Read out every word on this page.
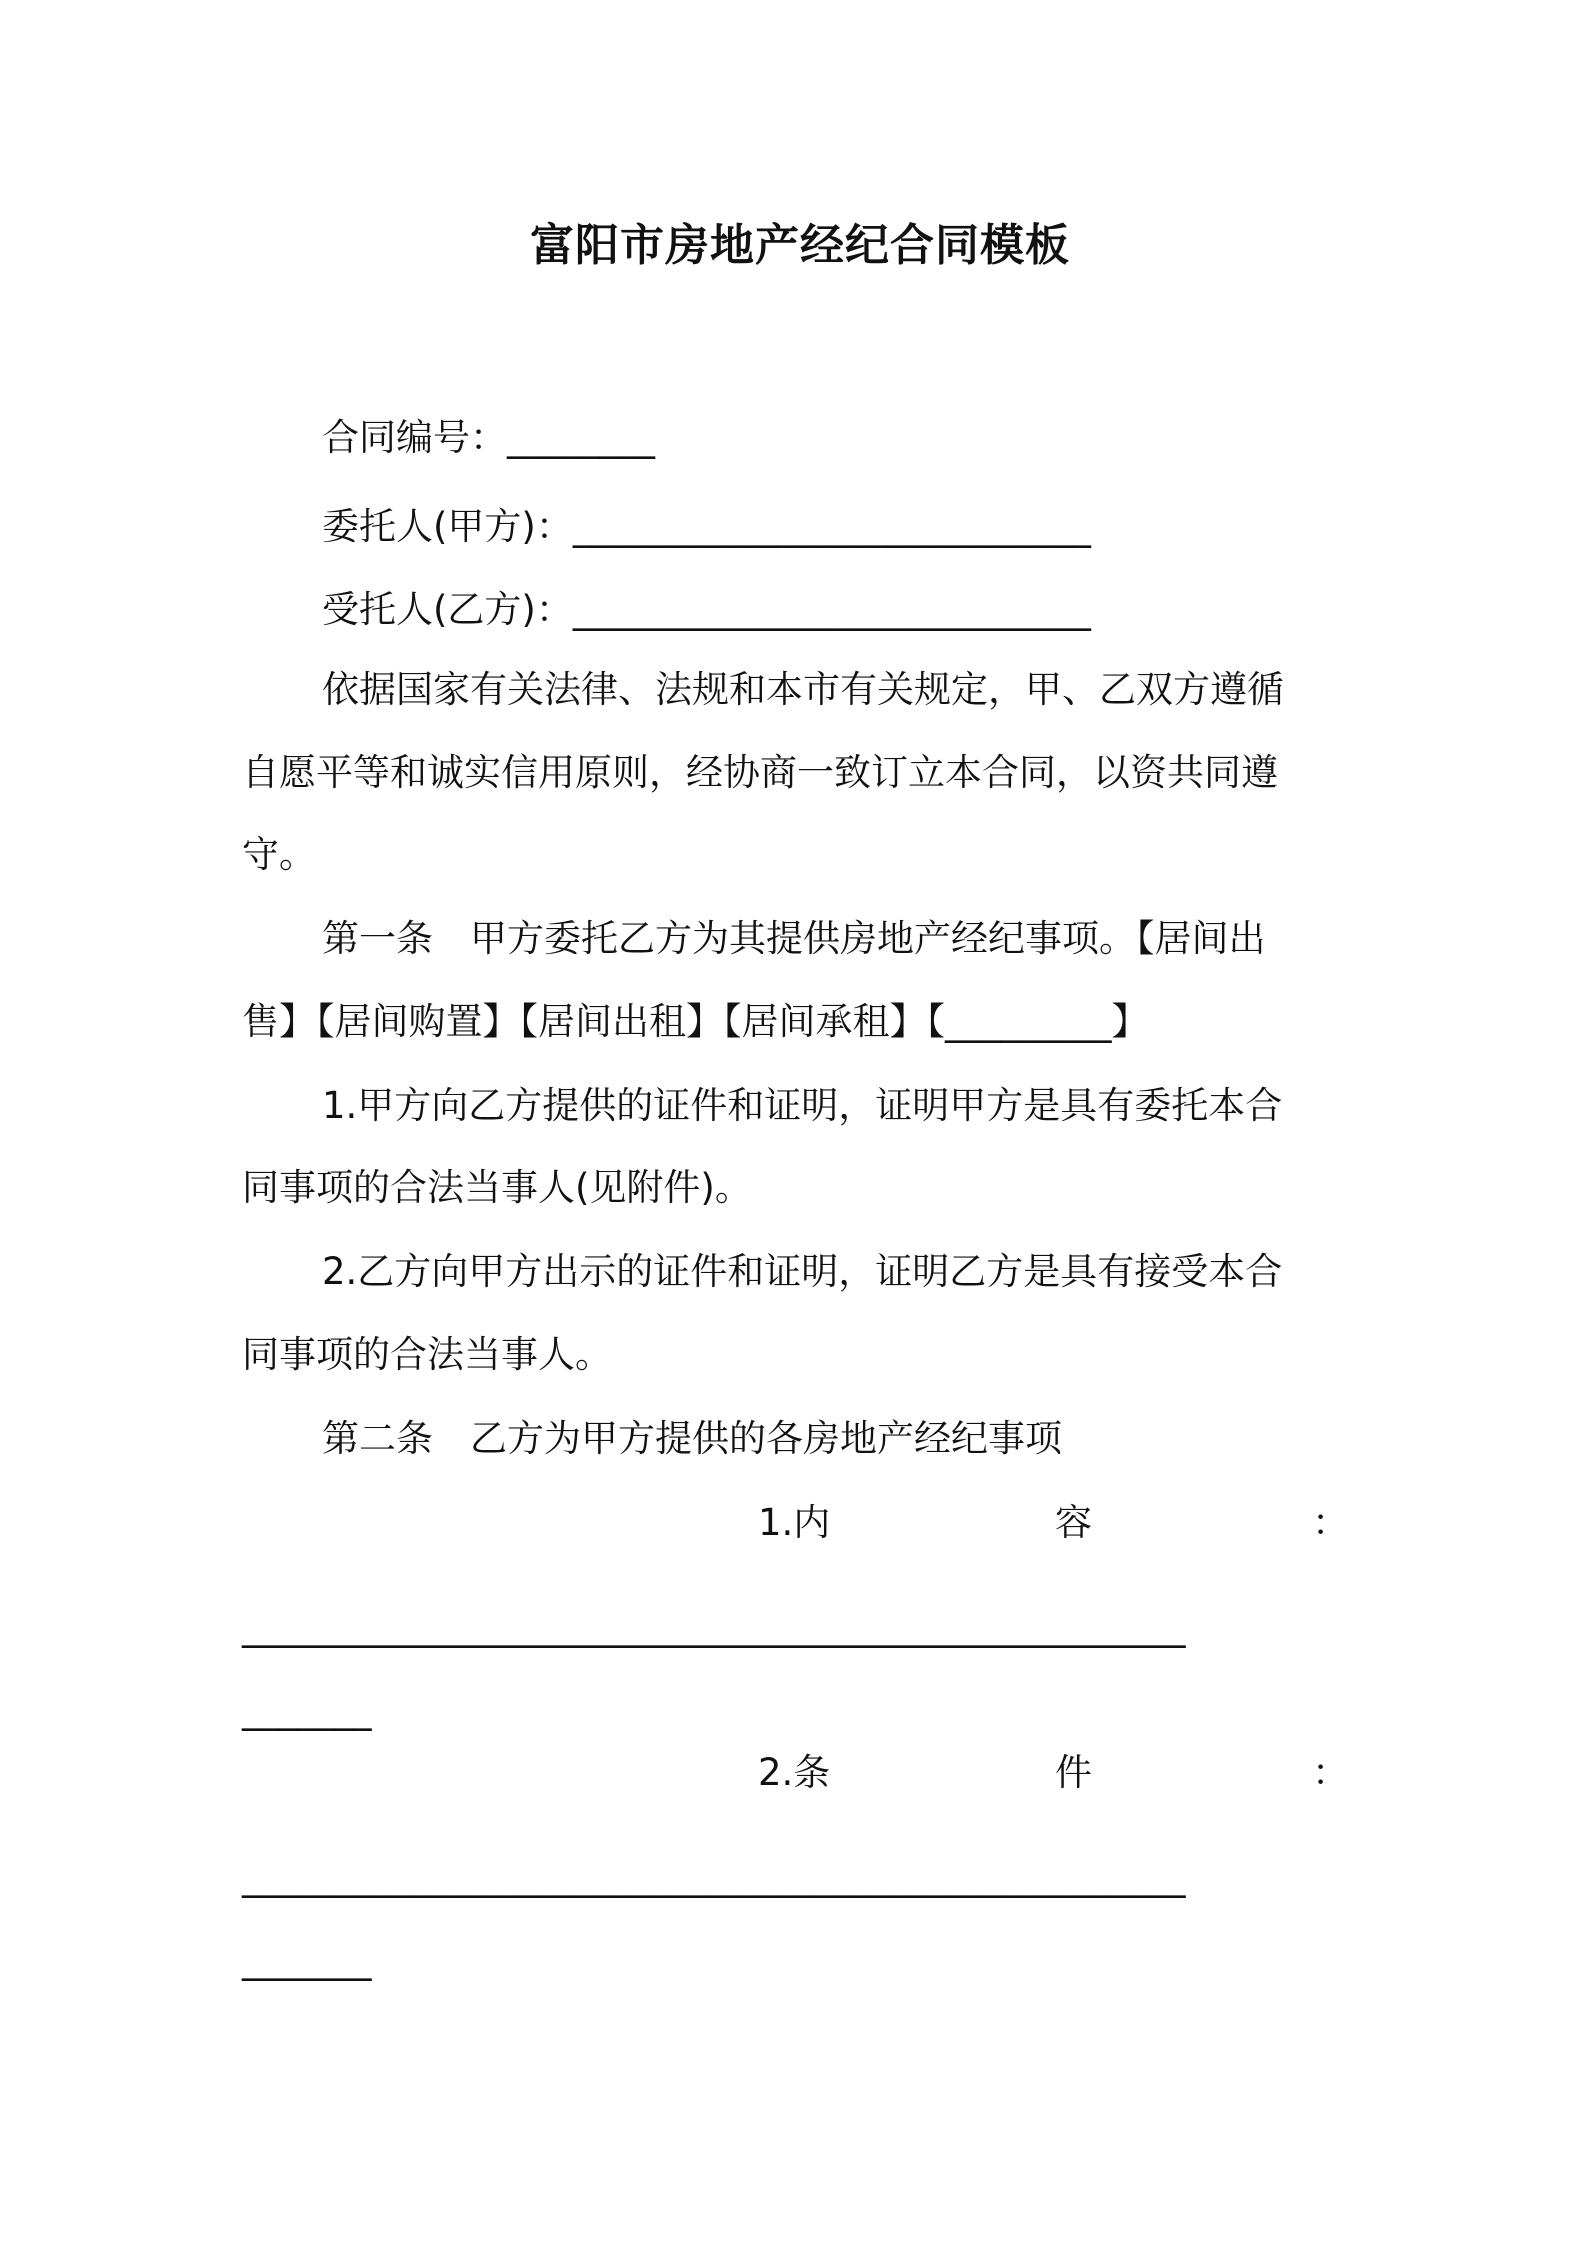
富阳市房地产经纪合同模板
合同编号：________
委托人(甲方)：____________________________
受托人(乙方)：____________________________
依据国家有关法律、法规和本市有关规定，甲、乙双方遵循
自愿平等和诚实信用原则，经协商一致订立本合同，以资共同遵
守。
第一条　甲方委托乙方为其提供房地产经纪事项。【居间出
售】【居间购置】【居间出租】【居间承租】【_________】
1.甲方向乙方提供的证件和证明，证明甲方是具有委托本合
同事项的合法当事人(见附件)。
2.乙方向甲方出示的证件和证明，证明乙方是具有接受本合
同事项的合法当事人。
第二条　乙方为甲方提供的各房地产经纪事项
1.内	容	：
___________________________________________________
_______
2.条	件	：
___________________________________________________
_______
